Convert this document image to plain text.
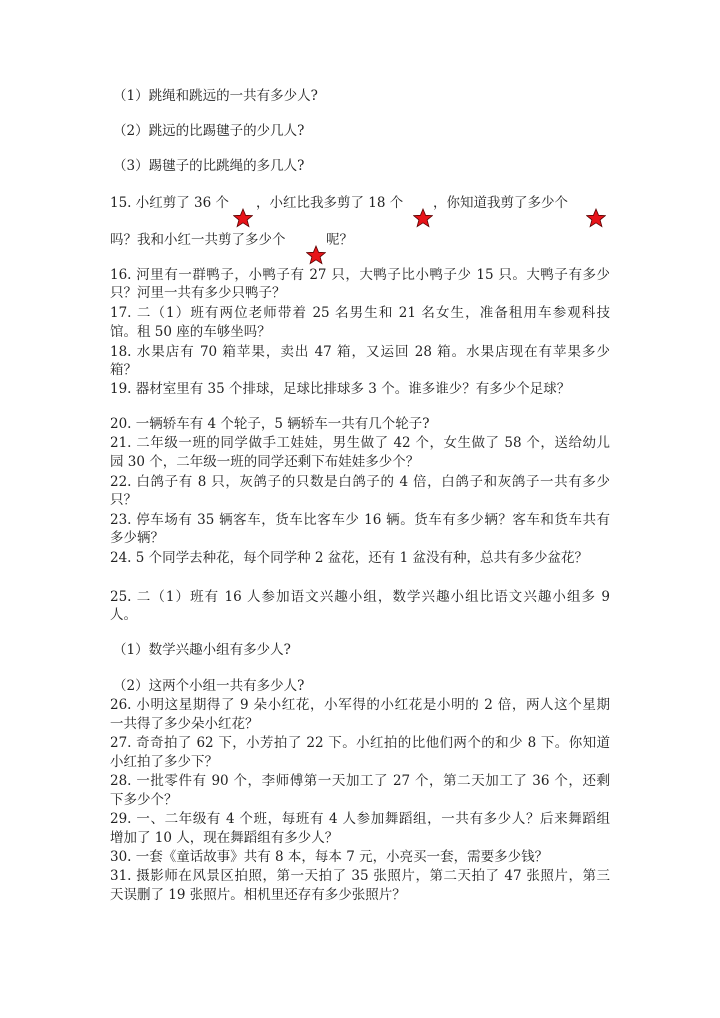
（1）跳绳和跳远的一共有多少人?
（2）跳远的比踢毽子的少几人?
（3）踢毽子的比跳绳的多几人?
15. 小红剪了 36 个 ，小红比我多剪了 18 个 ，你知道我剪了多少个
吗？我和小红一共剪了多少个	呢？
16. 河里有一群鸭子，小鸭子有 27 只，大鸭子比小鸭子少 15 只。大鸭子有多少
只？河里一共有多少只鸭子？
17. 二（1）班有两位老师带着 25 名男生和 21 名女生，准备租用车参观科技
馆。租 50 座的车够坐吗？
18. 水果店有 70 箱苹果，卖出 47 箱，又运回 28 箱。水果店现在有苹果多少
箱？
19. 器材室里有 35 个排球，足球比排球多 3 个。谁多谁少？有多少个足球？
20. 一辆轿车有 4 个轮子，5 辆轿车一共有几个轮子?
21. 二年级一班的同学做手工娃娃，男生做了 42 个，女生做了 58 个，送给幼儿
园 30 个，二年级一班的同学还剩下布娃娃多少个？
22. 白鸽子有 8 只，灰鸽子的只数是白鸽子的 4 倍，白鸽子和灰鸽子一共有多少
只？
23. 停车场有 35 辆客车，货车比客车少 16 辆。货车有多少辆？客车和货车共有
多少辆？
24. 5 个同学去种花，每个同学种 2 盆花，还有 1 盆没有种，总共有多少盆花？
25. 二（1）班有 16 人参加语文兴趣小组，数学兴趣小组比语文兴趣小组多 9
人。
（1）数学兴趣小组有多少人?
（2）这两个小组一共有多少人?
26. 小明这星期得了 9 朵小红花，小军得的小红花是小明的 2 倍，两人这个星期
一共得了多少朵小红花？
27. 奇奇拍了 62 下，小芳拍了 22 下。小红拍的比他们两个的和少 8 下。你知道
小红拍了多少下？
28. 一批零件有 90 个，李师傅第一天加工了 27 个，第二天加工了 36 个，还剩
下多少个？
29. 一、二年级有 4 个班，每班有 4 人参加舞蹈组，一共有多少人？后来舞蹈组
增加了 10 人，现在舞蹈组有多少人？
30. 一套《童话故事》共有 8 本，每本 7 元，小亮买一套，需要多少钱？
31. 摄影师在风景区拍照，第一天拍了 35 张照片，第二天拍了 47 张照片，第三
天误删了 19 张照片。相机里还存有多少张照片？
